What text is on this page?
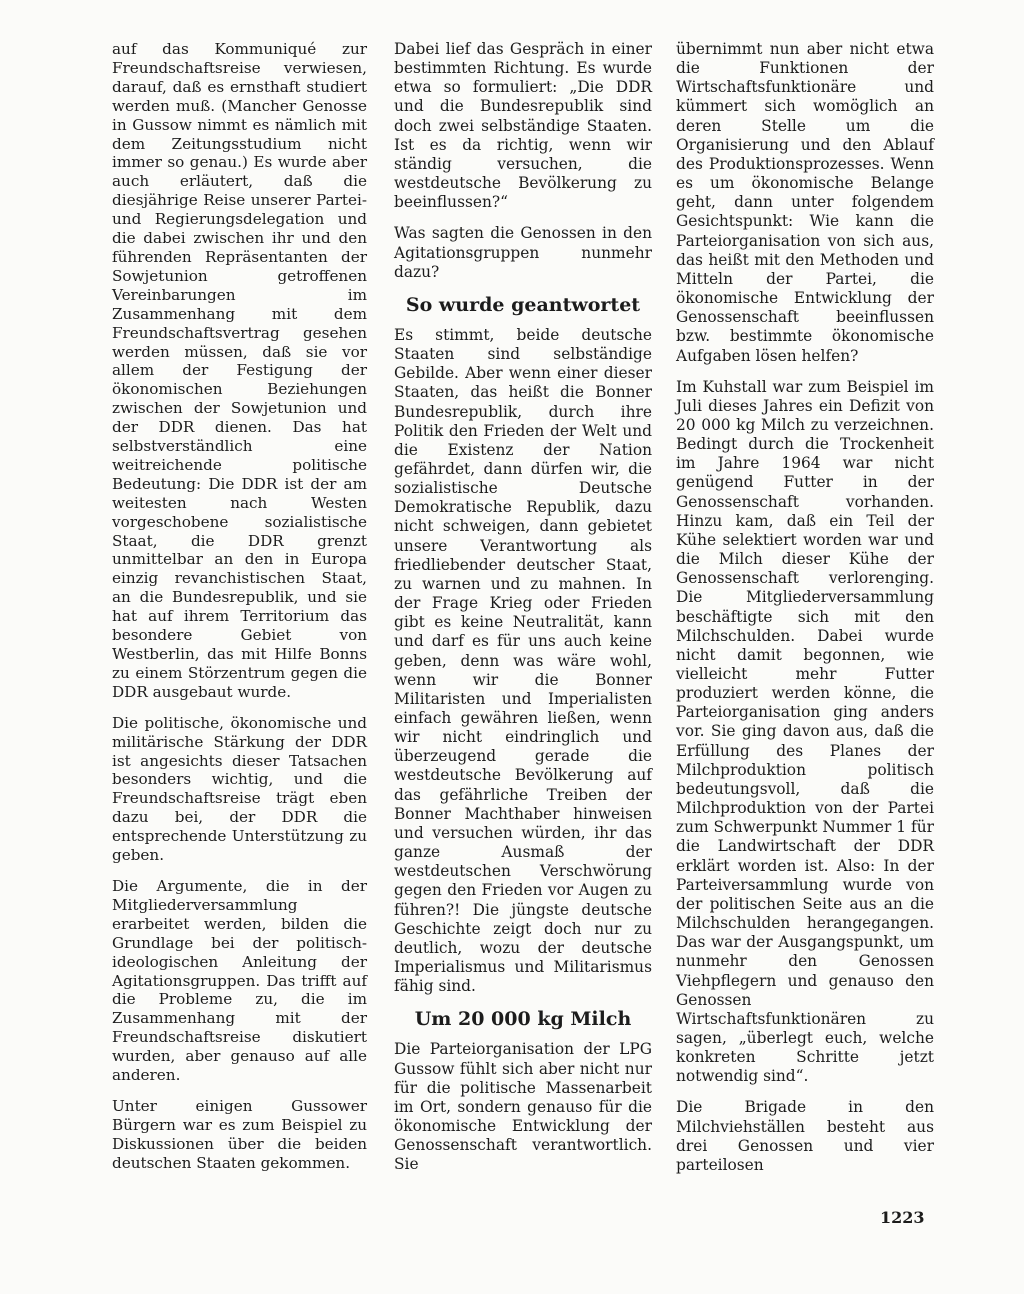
auf das Kommuniqué zur Freundschaftsreise verwiesen, darauf, daß es ernsthaft studiert werden muß. (Mancher Genosse in Gussow nimmt es nämlich mit dem Zeitungsstudium nicht immer so genau.) Es wurde aber auch erläutert, daß die diesjährige Reise unserer Partei- und Regierungsdelegation und die dabei zwischen ihr und den führenden Repräsentanten der Sowjetunion getroffenen Vereinbarungen im Zusammenhang mit dem Freundschaftsvertrag gesehen werden müssen, daß sie vor allem der Festigung der ökonomischen Beziehungen zwischen der Sowjetunion und der DDR dienen. Das hat selbstverständlich eine weitreichende politische Bedeutung: Die DDR ist der am weitesten nach Westen vorgeschobene sozialistische Staat, die DDR grenzt unmittelbar an den in Europa einzig revanchistischen Staat, an die Bundesrepublik, und sie hat auf ihrem Territorium das besondere Gebiet von Westberlin, das mit Hilfe Bonns zu einem Störzentrum gegen die DDR ausgebaut wurde.

Die politische, ökonomische und militärische Stärkung der DDR ist angesichts dieser Tatsachen besonders wichtig, und die Freundschaftsreise trägt eben dazu bei, der DDR die entsprechende Unterstützung zu geben.

Die Argumente, die in der Mitgliederversammlung erarbeitet werden, bilden die Grundlage bei der politisch-ideologischen Anleitung der Agitationsgruppen. Das trifft auf die Probleme zu, die im Zusammenhang mit der Freundschaftsreise diskutiert wurden, aber genauso auf alle anderen.

Unter einigen Gussower Bürgern war es zum Beispiel zu Diskussionen über die beiden deutschen Staaten gekommen.

Dabei lief das Gespräch in einer bestimmten Richtung. Es wurde etwa so formuliert: „Die DDR und die Bundesrepublik sind doch zwei selbständige Staaten. Ist es da richtig, wenn wir ständig versuchen, die westdeutsche Bevölkerung zu beeinflussen?“

Was sagten die Genossen in den Agitationsgruppen nunmehr dazu?

So wurde geantwortet

Es stimmt, beide deutsche Staaten sind selbständige Gebilde. Aber wenn einer dieser Staaten, das heißt die Bonner Bundesrepublik, durch ihre Politik den Frieden der Welt und die Existenz der Nation gefährdet, dann dürfen wir, die sozialistische Deutsche Demokratische Republik, dazu nicht schweigen, dann gebietet unsere Verantwortung als friedliebender deutscher Staat, zu warnen und zu mahnen. In der Frage Krieg oder Frieden gibt es keine Neutralität, kann und darf es für uns auch keine geben, denn was wäre wohl, wenn wir die Bonner Militaristen und Imperialisten einfach gewähren ließen, wenn wir nicht eindringlich und überzeugend gerade die westdeutsche Bevölkerung auf das gefährliche Treiben der Bonner Machthaber hinweisen und versuchen würden, ihr das ganze Ausmaß der westdeutschen Verschwörung gegen den Frieden vor Augen zu führen?! Die jüngste deutsche Geschichte zeigt doch nur zu deutlich, wozu der deutsche Imperialismus und Militarismus fähig sind.

Um 20 000 kg Milch

Die Parteiorganisation der LPG Gussow fühlt sich aber nicht nur für die politische Massenarbeit im Ort, sondern genauso für die ökonomische Entwicklung der Genossenschaft verantwortlich. Sie

übernimmt nun aber nicht etwa die Funktionen der Wirtschaftsfunktionäre und kümmert sich womöglich an deren Stelle um die Organisierung und den Ablauf des Produktionsprozesses. Wenn es um ökonomische Belange geht, dann unter folgendem Gesichtspunkt: Wie kann die Parteiorganisation von sich aus, das heißt mit den Methoden und Mitteln der Partei, die ökonomische Entwicklung der Genossenschaft beeinflussen bzw. bestimmte ökonomische Aufgaben lösen helfen?

Im Kuhstall war zum Beispiel im Juli dieses Jahres ein Defizit von 20 000 kg Milch zu verzeichnen. Bedingt durch die Trockenheit im Jahre 1964 war nicht genügend Futter in der Genossenschaft vorhanden. Hinzu kam, daß ein Teil der Kühe selektiert worden war und die Milch dieser Kühe der Genossenschaft verlorenging. Die Mitgliederversammlung beschäftigte sich mit den Milchschulden. Dabei wurde nicht damit begonnen, wie vielleicht mehr Futter produziert werden könne, die Parteiorganisation ging anders vor. Sie ging davon aus, daß die Erfüllung des Planes der Milchproduktion politisch bedeutungsvoll, daß die Milchproduktion von der Partei zum Schwerpunkt Nummer 1 für die Landwirtschaft der DDR erklärt worden ist. Also: In der Parteiversammlung wurde von der politischen Seite aus an die Milchschulden herangegangen. Das war der Ausgangspunkt, um nunmehr den Genossen Viehpflegern und genauso den Genossen Wirtschaftsfunktionären zu sagen, „überlegt euch, welche konkreten Schritte jetzt notwendig sind“.

Die Brigade in den Milchviehställen besteht aus drei Genossen und vier parteilosen

1223
